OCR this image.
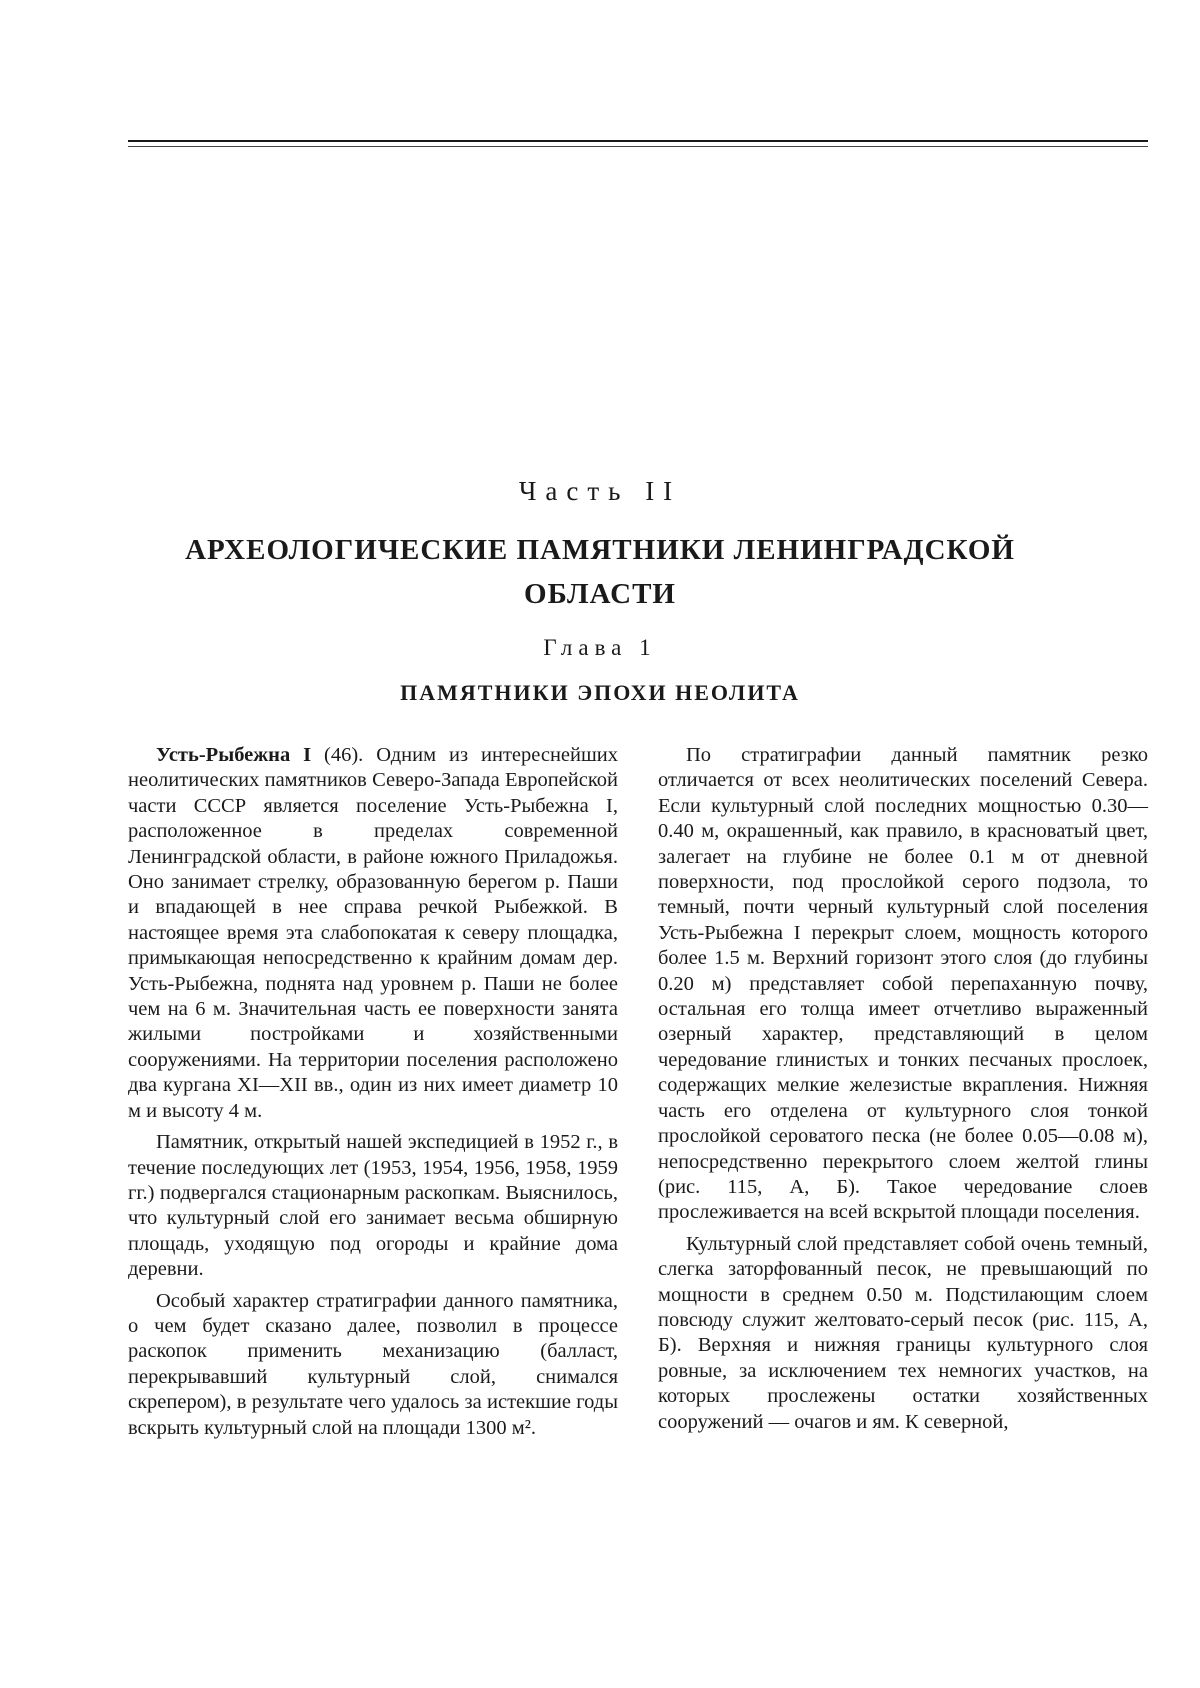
Часть II
АРХЕОЛОГИЧЕСКИЕ ПАМЯТНИКИ ЛЕНИНГРАДСКОЙ ОБЛАСТИ
Глава 1
ПАМЯТНИКИ ЭПОХИ НЕОЛИТА

Усть-Рыбежна I (46). Одним из интереснейших неолитических памятников Северо-Запада Европейской части СССР является поселение Усть-Рыбежна I, расположенное в пределах современной Ленинградской области, в районе южного Приладожья. Оно занимает стрелку, образованную берегом р. Паши и впадающей в нее справа речкой Рыбежкой. В настоящее время эта слабопокатая к северу площадка, примыкающая непосредственно к крайним домам дер. Усть-Рыбежна, поднята над уровнем р. Паши не более чем на 6 м. Значительная часть ее поверхности занята жилыми постройками и хозяйственными сооружениями. На территории поселения расположено два кургана XI—XII вв., один из них имеет диаметр 10 м и высоту 4 м.

Памятник, открытый нашей экспедицией в 1952 г., в течение последующих лет (1953, 1954, 1956, 1958, 1959 гг.) подвергался стационарным раскопкам. Выяснилось, что культурный слой его занимает весьма обширную площадь, уходящую под огороды и крайние дома деревни.

Особый характер стратиграфии данного памятника, о чем будет сказано далее, позволил в процессе раскопок применить механизацию (балласт, перекрывавший культурный слой, снимался скрепером), в результате чего удалось за истекшие годы вскрыть культурный слой на площади 1300 м².

По стратиграфии данный памятник резко отличается от всех неолитических поселений Севера. Если культурный слой последних мощностью 0.30—0.40 м, окрашенный, как правило, в красноватый цвет, залегает на глубине не более 0.1 м от дневной поверхности, под прослойкой серого подзола, то темный, почти черный культурный слой поселения Усть-Рыбежна I перекрыт слоем, мощность которого более 1.5 м. Верхний горизонт этого слоя (до глубины 0.20 м) представляет собой перепаханную почву, остальная его толща имеет отчетливо выраженный озерный характер, представляющий в целом чередование глинистых и тонких песчаных прослоек, содержащих мелкие железистые вкрапления. Нижняя часть его отделена от культурного слоя тонкой прослойкой сероватого песка (не более 0.05—0.08 м), непосредственно перекрытого слоем желтой глины (рис. 115, А, Б). Такое чередование слоев прослеживается на всей вскрытой площади поселения.

Культурный слой представляет собой очень темный, слегка заторфованный песок, не превышающий по мощности в среднем 0.50 м. Подстилающим слоем повсюду служит желтовато-серый песок (рис. 115, А, Б). Верхняя и нижняя границы культурного слоя ровные, за исключением тех немногих участков, на которых прослежены остатки хозяйственных сооружений — очагов и ям. К северной,
